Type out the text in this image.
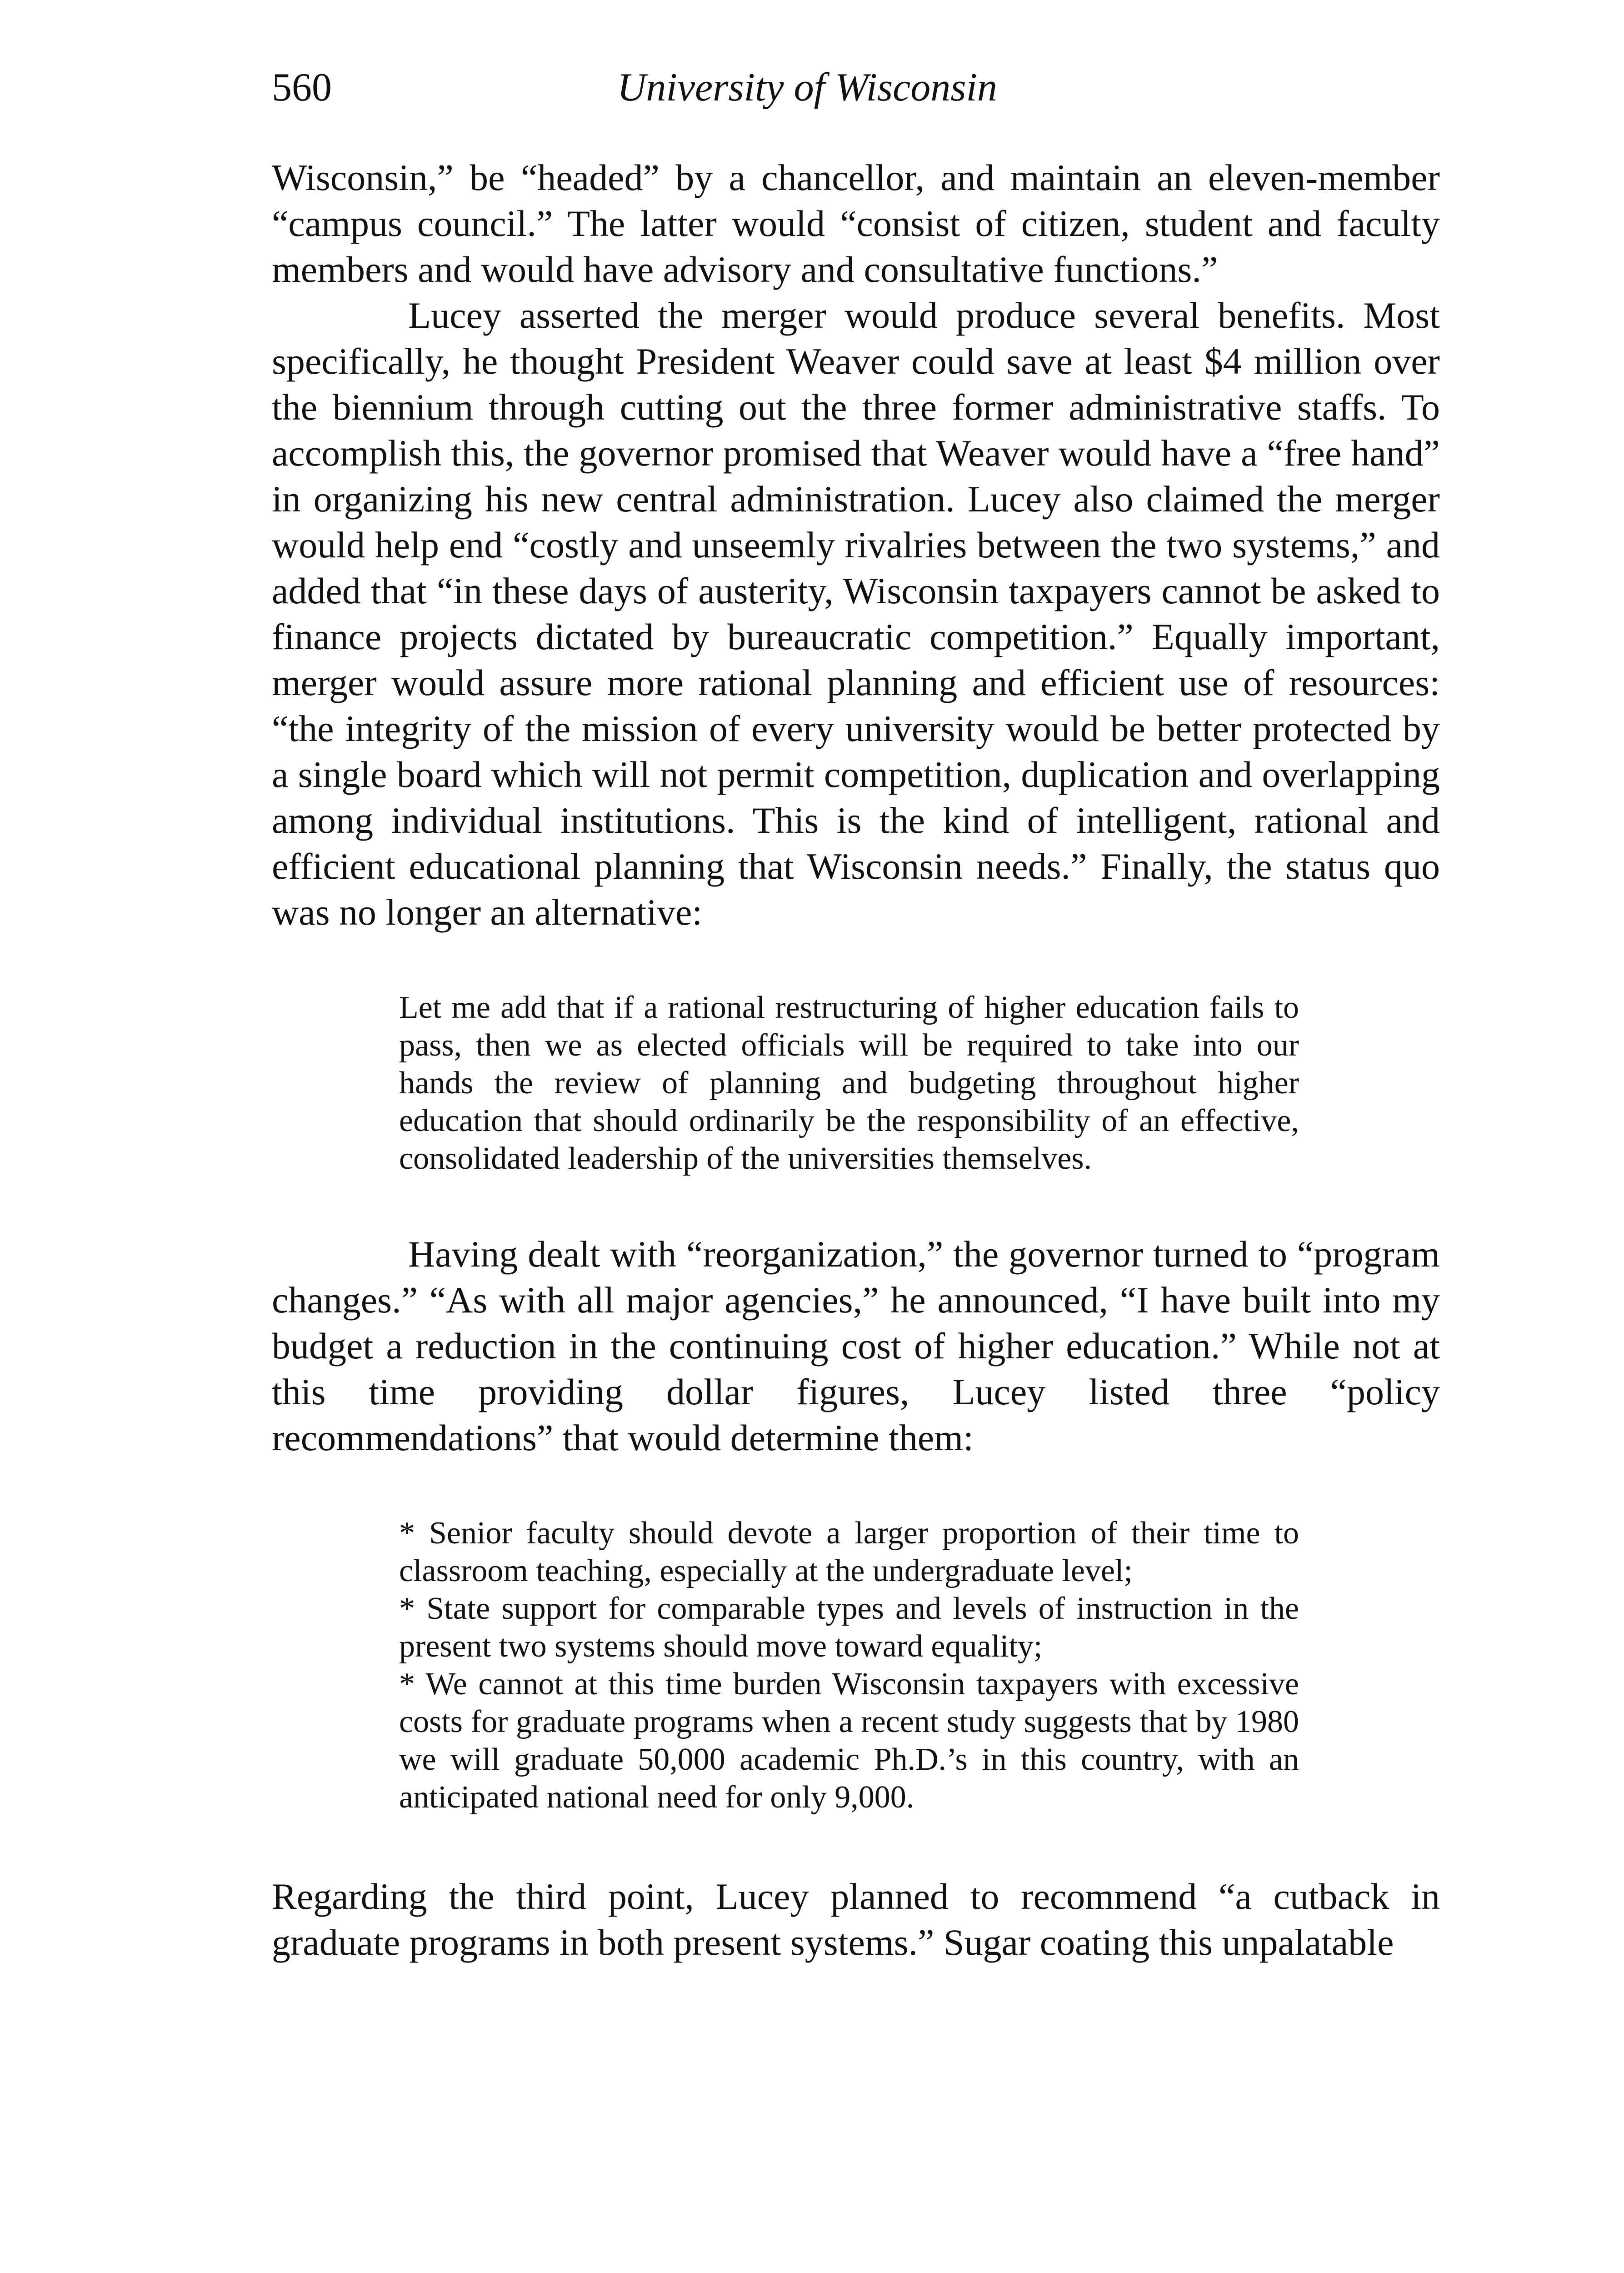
560	University of Wisconsin

Wisconsin,” be “headed” by a chancellor, and maintain an eleven-member “campus council.” The latter would “consist of citizen, student and faculty members and would have advisory and consultative functions.”

Lucey asserted the merger would produce several benefits. Most specifically, he thought President Weaver could save at least $4 million over the biennium through cutting out the three former administrative staffs. To accomplish this, the governor promised that Weaver would have a “free hand” in organizing his new central administration. Lucey also claimed the merger would help end “costly and unseemly rivalries between the two systems,” and added that “in these days of austerity, Wisconsin taxpayers cannot be asked to finance projects dictated by bureaucratic competition.” Equally important, merger would assure more rational planning and efficient use of resources: “the integrity of the mission of every university would be better protected by a single board which will not permit competition, duplication and overlapping among individual institutions. This is the kind of intelligent, rational and efficient educational planning that Wisconsin needs.” Finally, the status quo was no longer an alternative:

Let me add that if a rational restructuring of higher education fails to pass, then we as elected officials will be required to take into our hands the review of planning and budgeting throughout higher education that should ordinarily be the responsibility of an effective, consolidated leadership of the universities themselves.

Having dealt with “reorganization,” the governor turned to “program changes.” “As with all major agencies,” he announced, “I have built into my budget a reduction in the continuing cost of higher education.” While not at this time providing dollar figures, Lucey listed three “policy recommendations” that would determine them:

* Senior faculty should devote a larger proportion of their time to classroom teaching, especially at the undergraduate level;

* State support for comparable types and levels of instruction in the present two systems should move toward equality;

* We cannot at this time burden Wisconsin taxpayers with excessive costs for graduate programs when a recent study suggests that by 1980 we will graduate 50,000 academic Ph.D.’s in this country, with an anticipated national need for only 9,000.

Regarding the third point, Lucey planned to recommend “a cutback in graduate programs in both present systems.” Sugar coating this unpalatable
